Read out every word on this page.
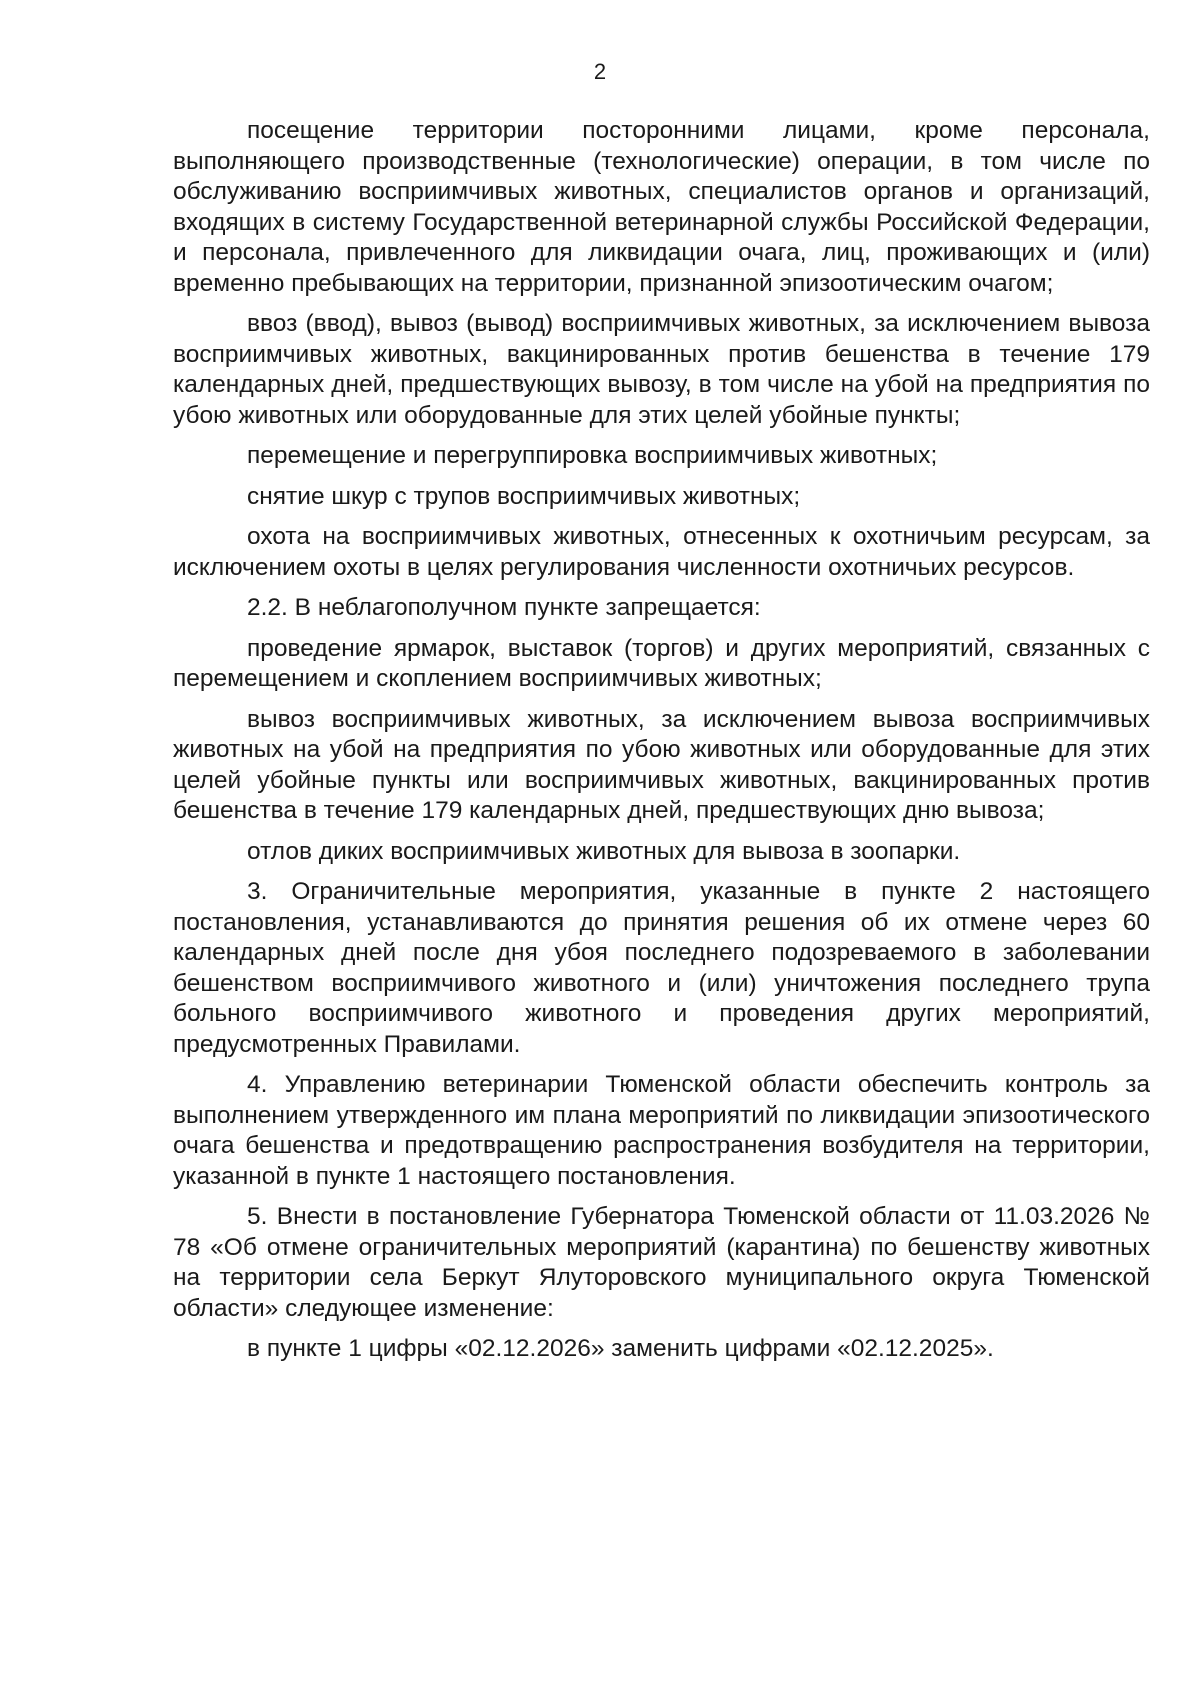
2

посещение территории посторонними лицами, кроме персонала, выполняющего производственные (технологические) операции, в том числе по обслуживанию восприимчивых животных, специалистов органов и организаций, входящих в систему Государственной ветеринарной службы Российской Федерации, и персонала, привлеченного для ликвидации очага, лиц, проживающих и (или) временно пребывающих на территории, признанной эпизоотическим очагом;

ввоз (ввод), вывоз (вывод) восприимчивых животных, за исключением вывоза восприимчивых животных, вакцинированных против бешенства в течение 179 календарных дней, предшествующих вывозу, в том числе на убой на предприятия по убою животных или оборудованные для этих целей убойные пункты;

перемещение и перегруппировка восприимчивых животных;

снятие шкур с трупов восприимчивых животных;

охота на восприимчивых животных, отнесенных к охотничьим ресурсам, за исключением охоты в целях регулирования численности охотничьих ресурсов.

2.2. В неблагополучном пункте запрещается:

проведение ярмарок, выставок (торгов) и других мероприятий, связанных с перемещением и скоплением восприимчивых животных;

вывоз восприимчивых животных, за исключением вывоза восприимчивых животных на убой на предприятия по убою животных или оборудованные для этих целей убойные пункты или восприимчивых животных, вакцинированных против бешенства в течение 179 календарных дней, предшествующих дню вывоза;

отлов диких восприимчивых животных для вывоза в зоопарки.

3. Ограничительные мероприятия, указанные в пункте 2 настоящего постановления, устанавливаются до принятия решения об их отмене через 60 календарных дней после дня убоя последнего подозреваемого в заболевании бешенством восприимчивого животного и (или) уничтожения последнего трупа больного восприимчивого животного и проведения других мероприятий, предусмотренных Правилами.

4. Управлению ветеринарии Тюменской области обеспечить контроль за выполнением утвержденного им плана мероприятий по ликвидации эпизоотического очага бешенства и предотвращению распространения возбудителя на территории, указанной в пункте 1 настоящего постановления.

5. Внести в постановление Губернатора Тюменской области от 11.03.2026 № 78 «Об отмене ограничительных мероприятий (карантина) по бешенству животных на территории села Беркут Ялуторовского муниципального округа Тюменской области» следующее изменение:

в пункте 1 цифры «02.12.2026» заменить цифрами «02.12.2025».
